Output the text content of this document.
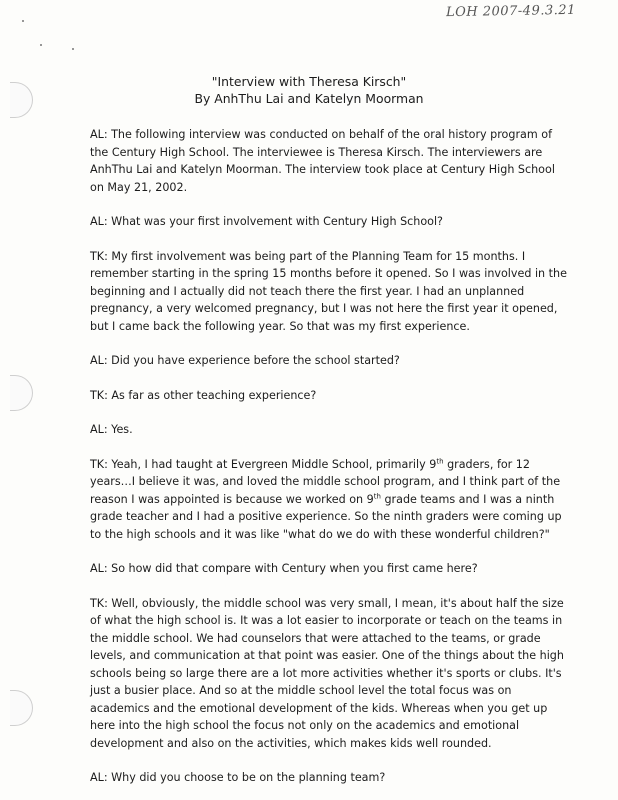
LOH 2007-49.3.21
"Interview with Theresa Kirsch"
By AnhThu Lai and Katelyn Moorman

AL: The following interview was conducted on behalf of the oral history program of the Century High School. The interviewee is Theresa Kirsch. The interviewers are AnhThu Lai and Katelyn Moorman. The interview took place at Century High School on May 21, 2002.

AL: What was your first involvement with Century High School?

TK: My first involvement was being part of the Planning Team for 15 months. I remember starting in the spring 15 months before it opened. So I was involved in the beginning and I actually did not teach there the first year. I had an unplanned pregnancy, a very welcomed pregnancy, but I was not here the first year it opened, but I came back the following year. So that was my first experience.

AL: Did you have experience before the school started?

TK: As far as other teaching experience?

AL: Yes.

TK: Yeah, I had taught at Evergreen Middle School, primarily 9th graders, for 12 years…I believe it was, and loved the middle school program, and I think part of the reason I was appointed is because we worked on 9th grade teams and I was a ninth grade teacher and I had a positive experience. So the ninth graders were coming up to the high schools and it was like "what do we do with these wonderful children?"

AL: So how did that compare with Century when you first came here?

TK: Well, obviously, the middle school was very small, I mean, it's about half the size of what the high school is. It was a lot easier to incorporate or teach on the teams in the middle school. We had counselors that were attached to the teams, or grade levels, and communication at that point was easier. One of the things about the high schools being so large there are a lot more activities whether it's sports or clubs. It's just a busier place. And so at the middle school level the total focus was on academics and the emotional development of the kids. Whereas when you get up here into the high school the focus not only on the academics and emotional development and also on the activities, which makes kids well rounded.

AL: Why did you choose to be on the planning team?
